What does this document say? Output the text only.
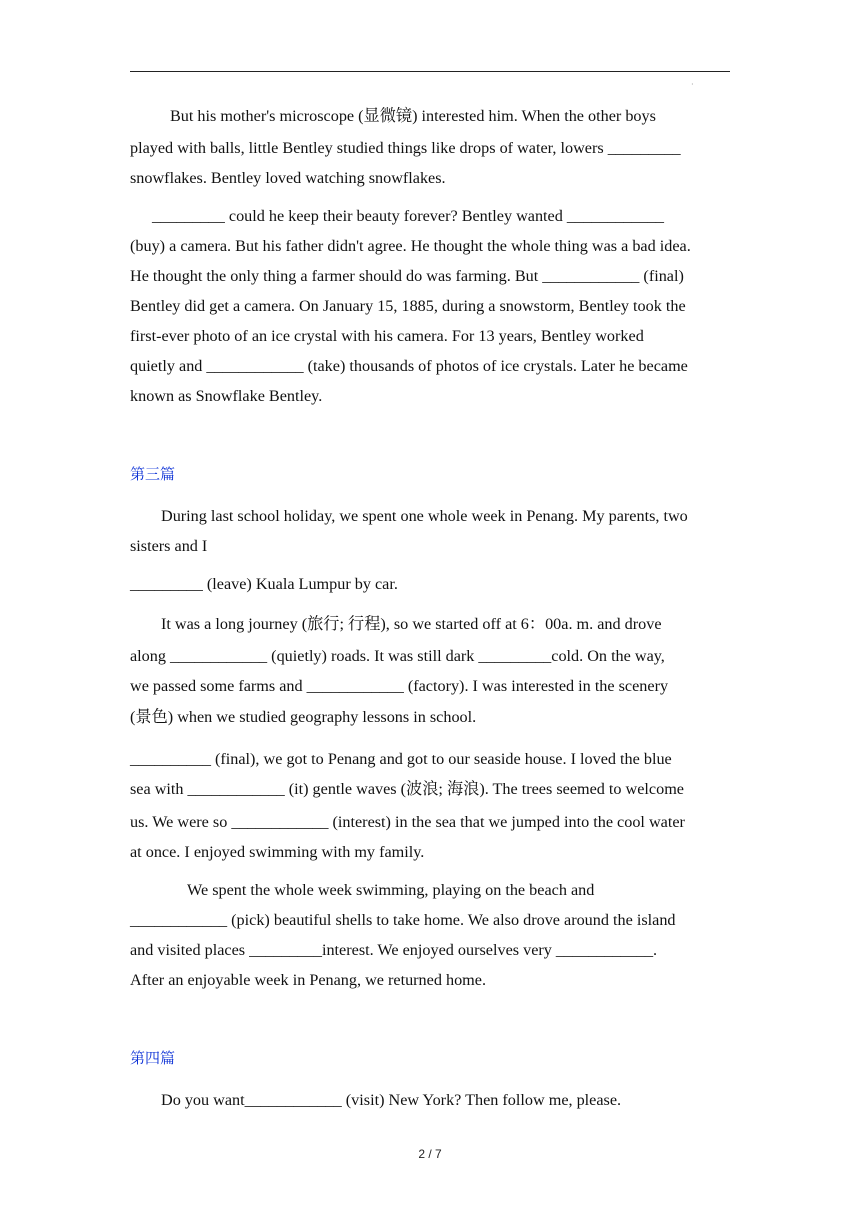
·
But his mother's microscope (显微镜) interested him. When the other boys
played with balls, little Bentley studied things like drops of water, lowers _________
snowflakes. Bentley loved watching snowflakes.
_________ could he keep their beauty forever? Bentley wanted ____________
(buy) a camera. But his father didn't agree. He thought the whole thing was a bad idea.
He thought the only thing a farmer should do was farming. But ____________ (final)
Bentley did get a camera. On January 15, 1885, during a snowstorm, Bentley took the
first-ever photo of an ice crystal with his camera. For 13 years, Bentley worked
quietly and ____________ (take) thousands of photos of ice crystals. Later he became
known as Snowflake Bentley.
第三篇
During last school holiday, we spent one whole week in Penang. My parents, two
sisters and I
_________ (leave) Kuala Lumpur by car.
It was a long journey (旅行; 行程), so we started off at 6：00a. m. and drove
along ____________ (quietly) roads. It was still dark _________cold. On the way,
we passed some farms and ____________ (factory). I was interested in the scenery
(景色) when we studied geography lessons in school.
__________ (final), we got to Penang and got to our seaside house. I loved the blue
sea with ____________ (it) gentle waves (波浪; 海浪). The trees seemed to welcome
us. We were so ____________ (interest) in the sea that we jumped into the cool water
at once. I enjoyed swimming with my family.
We spent the whole week swimming, playing on the beach and
____________ (pick) beautiful shells to take home. We also drove around the island
and visited places _________interest. We enjoyed ourselves very ____________.
After an enjoyable week in Penang, we returned home.
第四篇
Do you want____________ (visit) New York? Then follow me, please.
2 / 7
